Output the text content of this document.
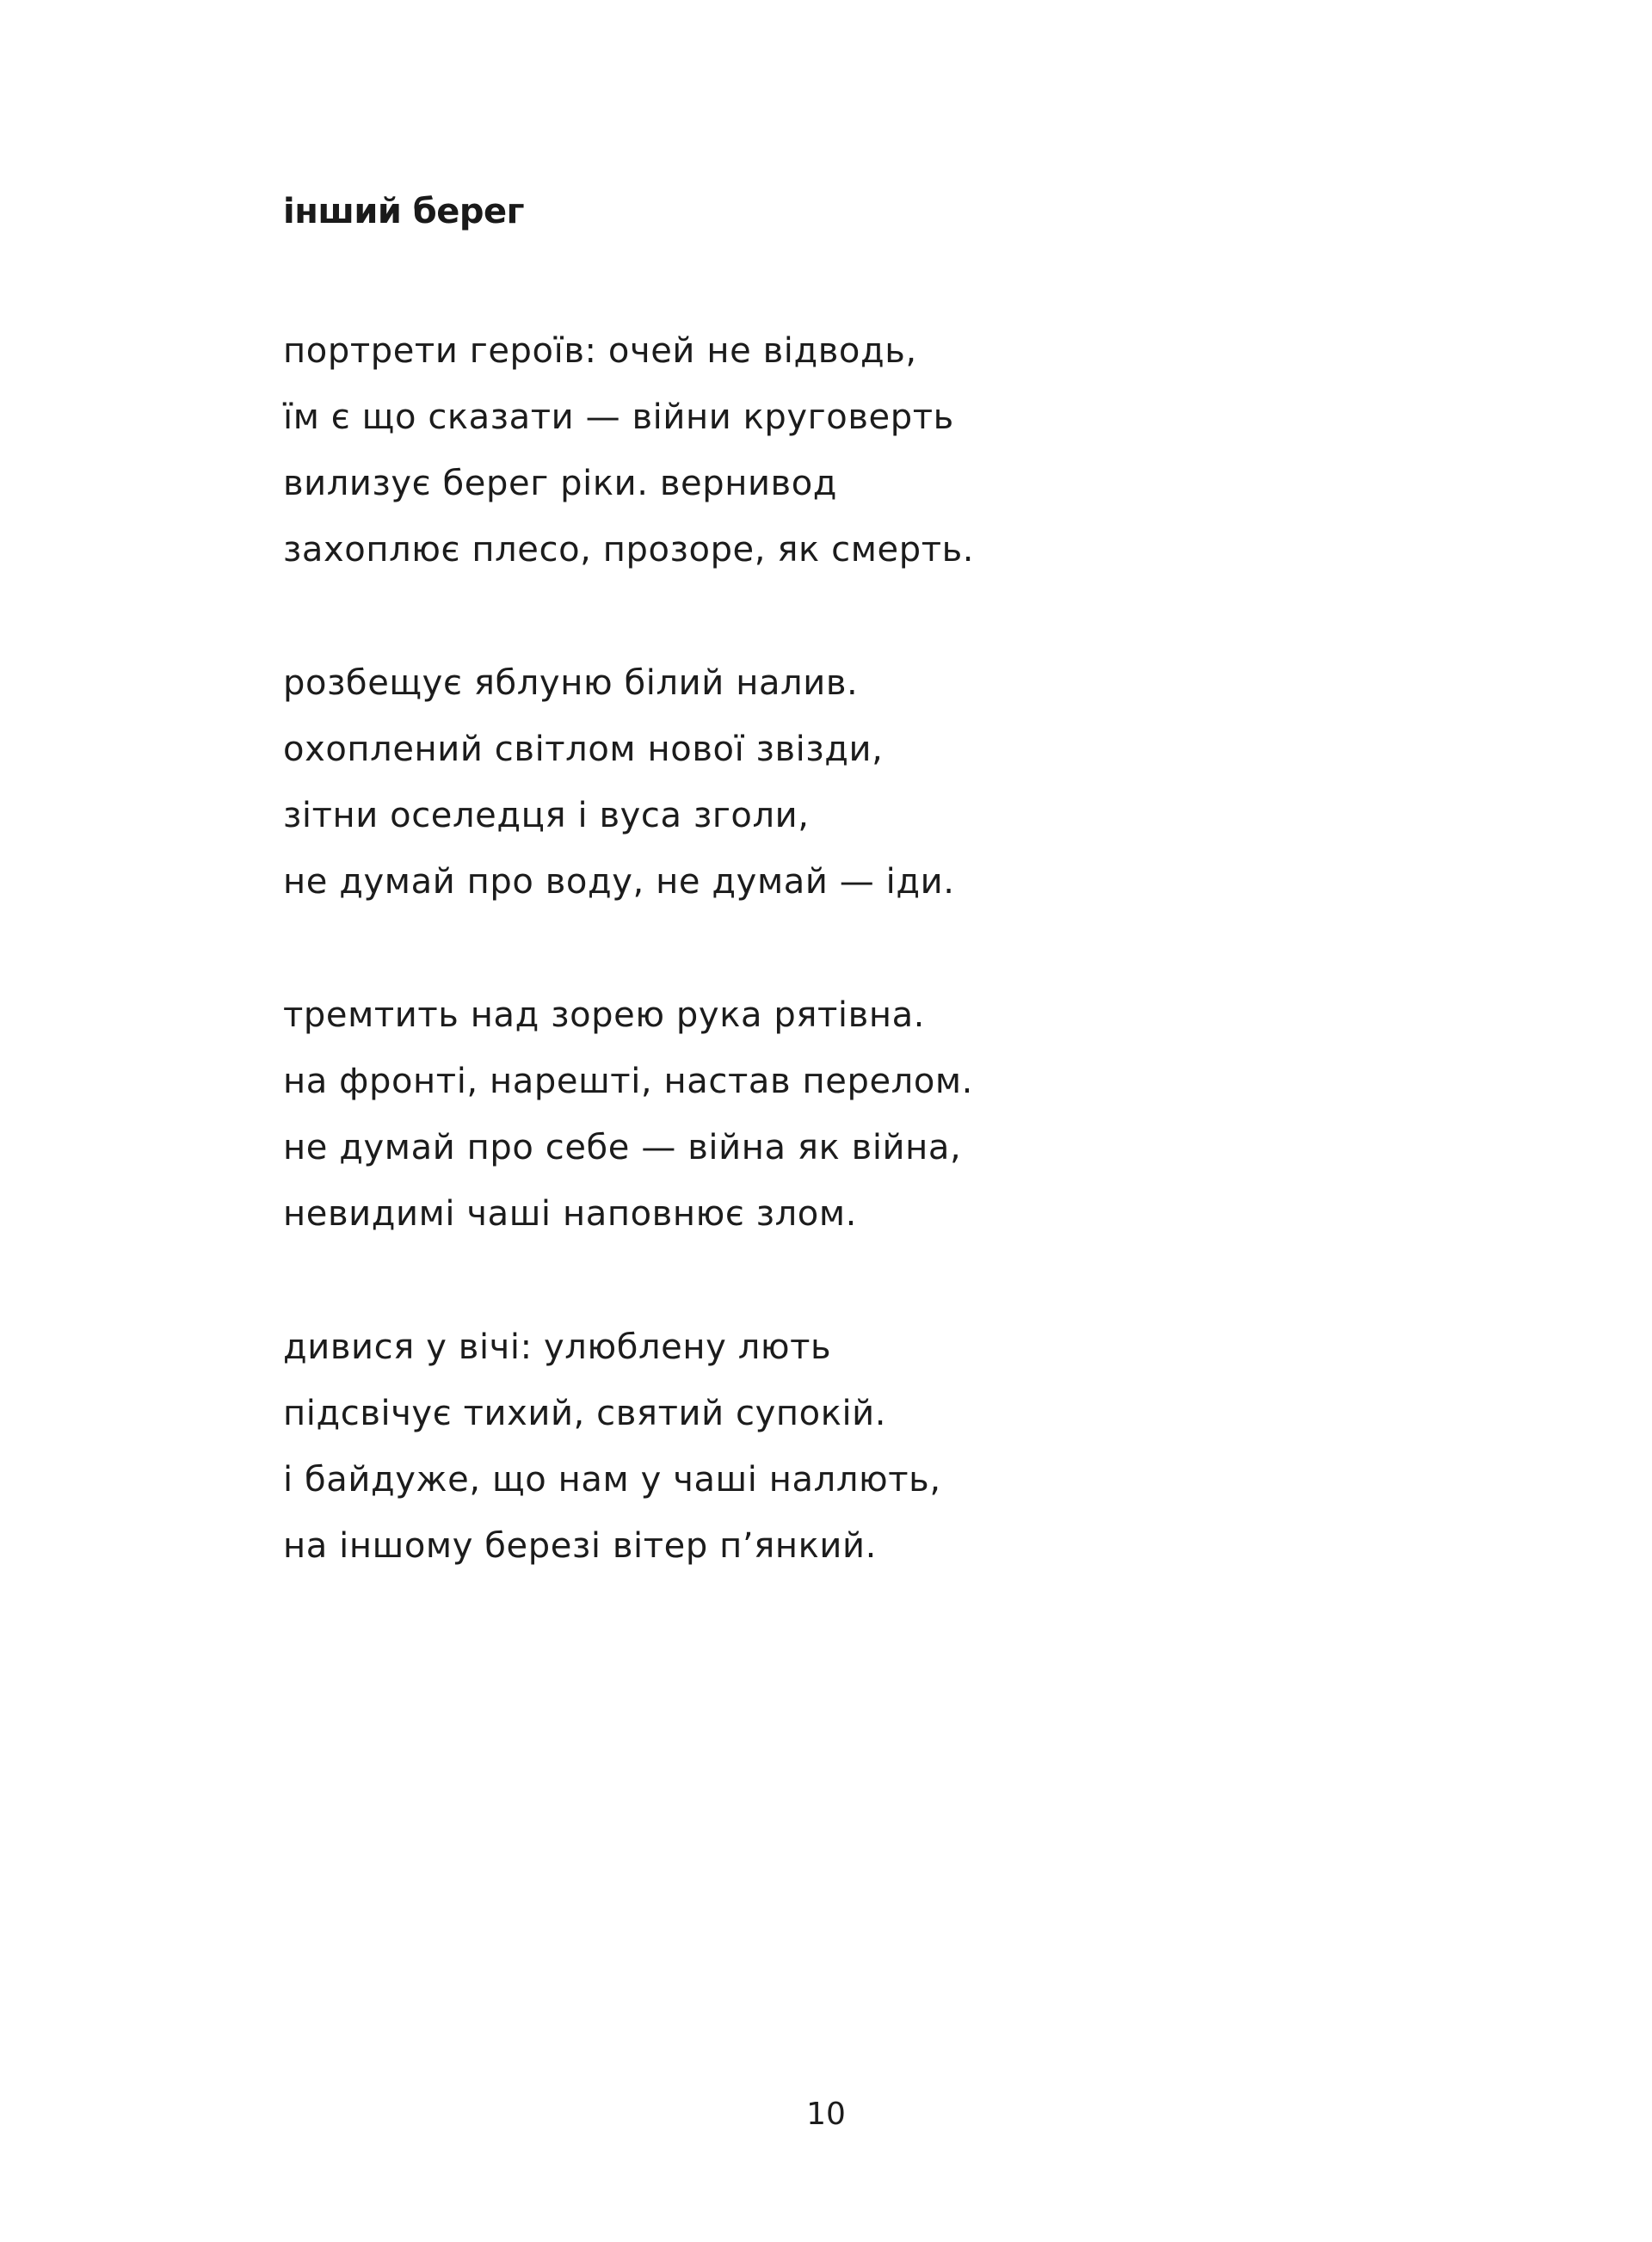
інший берег
портрети героїв: очей не відводь,
їм є що сказати — війни круговерть
вилизує берег ріки. вернивод
захоплює плесо, прозоре, як смерть.
розбещує яблуню білий налив.
охоплений світлом нової звізди,
зітни оселедця і вуса зголи,
не думай про воду, не думай — іди.
тремтить над зорею рука рятівна.
на фронті, нарешті, настав перелом.
не думай про себе — війна як війна,
невидимі чаші наповнює злом.
дивися у вічі: улюблену лють
підсвічує тихий, святий супокій.
і байдуже, що нам у чаші наллють,
на іншому березі вітер п’янкий.
10
